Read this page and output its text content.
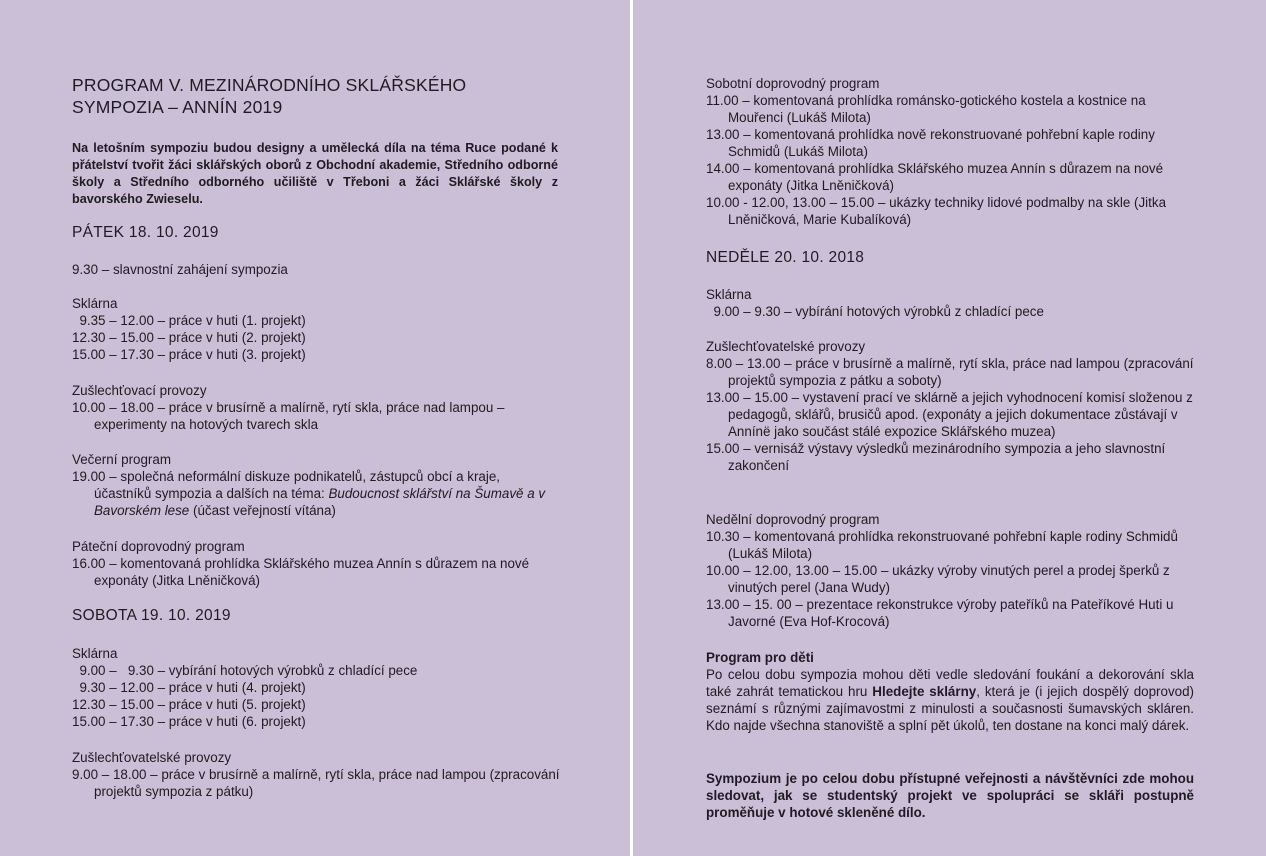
PROGRAM V. MEZINÁRODNÍHO SKLÁŘSKÉHO
SYMPOZIA – ANNÍN 2019

Na letošním sympoziu budou designy a umělecká díla na téma Ruce podané k přátelství tvořit žáci sklářských oborů z Obchodní akademie, Středního odborné školy a Středního odborného učiliště v Třeboni a žáci Sklářské školy z bavorského Zwieselu.

PÁTEK 18. 10. 2019
9.30 – slavnostní zahájení sympozia
Sklárna
9.35 – 12.00 – práce v huti (1. projekt)
12.30 – 15.00 – práce v huti (2. projekt)
15.00 – 17.30 – práce v huti (3. projekt)
Zušlechťovací provozy
10.00 – 18.00 – práce v brusírně a malírně, rytí skla, práce nad lampou – experimenty na hotových tvarech skla
Večerní program
19.00 – společná neformální diskuze podnikatelů, zástupců obcí a kraje, účastníků sympozia a dalších na téma: Budoucnost sklářství na Šumavě a v Bavorském lese (účast veřejností vítána)
Páteční doprovodný program
16.00 – komentovaná prohlídka Sklářského muzea Annín s důrazem na nové exponáty (Jitka Lněničková)
SOBOTA 19. 10. 2019
Sklárna
9.00 –   9.30 – vybírání hotových výrobků z chladící pece
9.30 – 12.00 – práce v huti (4. projekt)
12.30 – 15.00 – práce v huti (5. projekt)
15.00 – 17.30 – práce v huti (6. projekt)
Zušlechťovatelské provozy
9.00 – 18.00 – práce v brusírně a malírně, rytí skla, práce nad lampou (zpracování projektů sympozia z pátku)
Sobotní doprovodný program
11.00 – komentovaná prohlídka románsko-gotického kostela a kostnice na Mouřenci (Lukáš Milota)
13.00 – komentovaná prohlídka nově rekonstruované pohřební kaple rodiny Schmidů (Lukáš Milota)
14.00 – komentovaná prohlídka Sklářského muzea Annín s důrazem na nové exponáty (Jitka Lněničková)
10.00 - 12.00, 13.00 – 15.00 – ukázky techniky lidové podmalby na skle (Jitka Lněničková, Marie Kubalíková)
NEDĚLE 20. 10. 2018
Sklárna
9.00 – 9.30 – vybírání hotových výrobků z chladící pece
Zušlechťovatelské provozy
8.00 – 13.00 – práce v brusírně a malírně, rytí skla, práce nad lampou (zpracování projektů sympozia z pátku a soboty)
13.00 – 15.00 – vystavení prací ve sklárně a jejich vyhodnocení komisí složenou z pedagogů, sklářů, brusičů apod. (exponáty a jejich dokumentace zůstávají v Annínë jako součást stálé expozice Sklářského muzea)
15.00 – vernisáž výstavy výsledků mezinárodního sympozia a jeho slavnostní zakončení
Nedělní doprovodný program
10.30 – komentovaná prohlídka rekonstruované pohřební kaple rodiny Schmidů (Lukáš Milota)
10.00 – 12.00, 13.00 – 15.00 – ukázky výroby vinutých perel a prodej šperků z vinutých perel (Jana Wudy)
13.00 – 15. 00 – prezentace rekonstrukce výroby pateříků na Pateříkové Huti u Javorné (Eva Hof-Krocová)
Program pro děti
Po celou dobu sympozia mohou děti vedle sledování foukání a dekorování skla také zahrát tematickou hru Hledejte sklárny, která je (i jejich dospělý doprovod) seznámí s různými zajímavostmi z minulosti a současnosti šumavských skláren. Kdo najde všechna stanoviště a splní pět úkolů, ten dostane na konci malý dárek.
Sympozium je po celou dobu přístupné veřejnosti a návštěvníci zde mohou sledovat, jak se studentský projekt ve spolupráci se skláři postupně proměňuje v hotové skleněné dílo.
